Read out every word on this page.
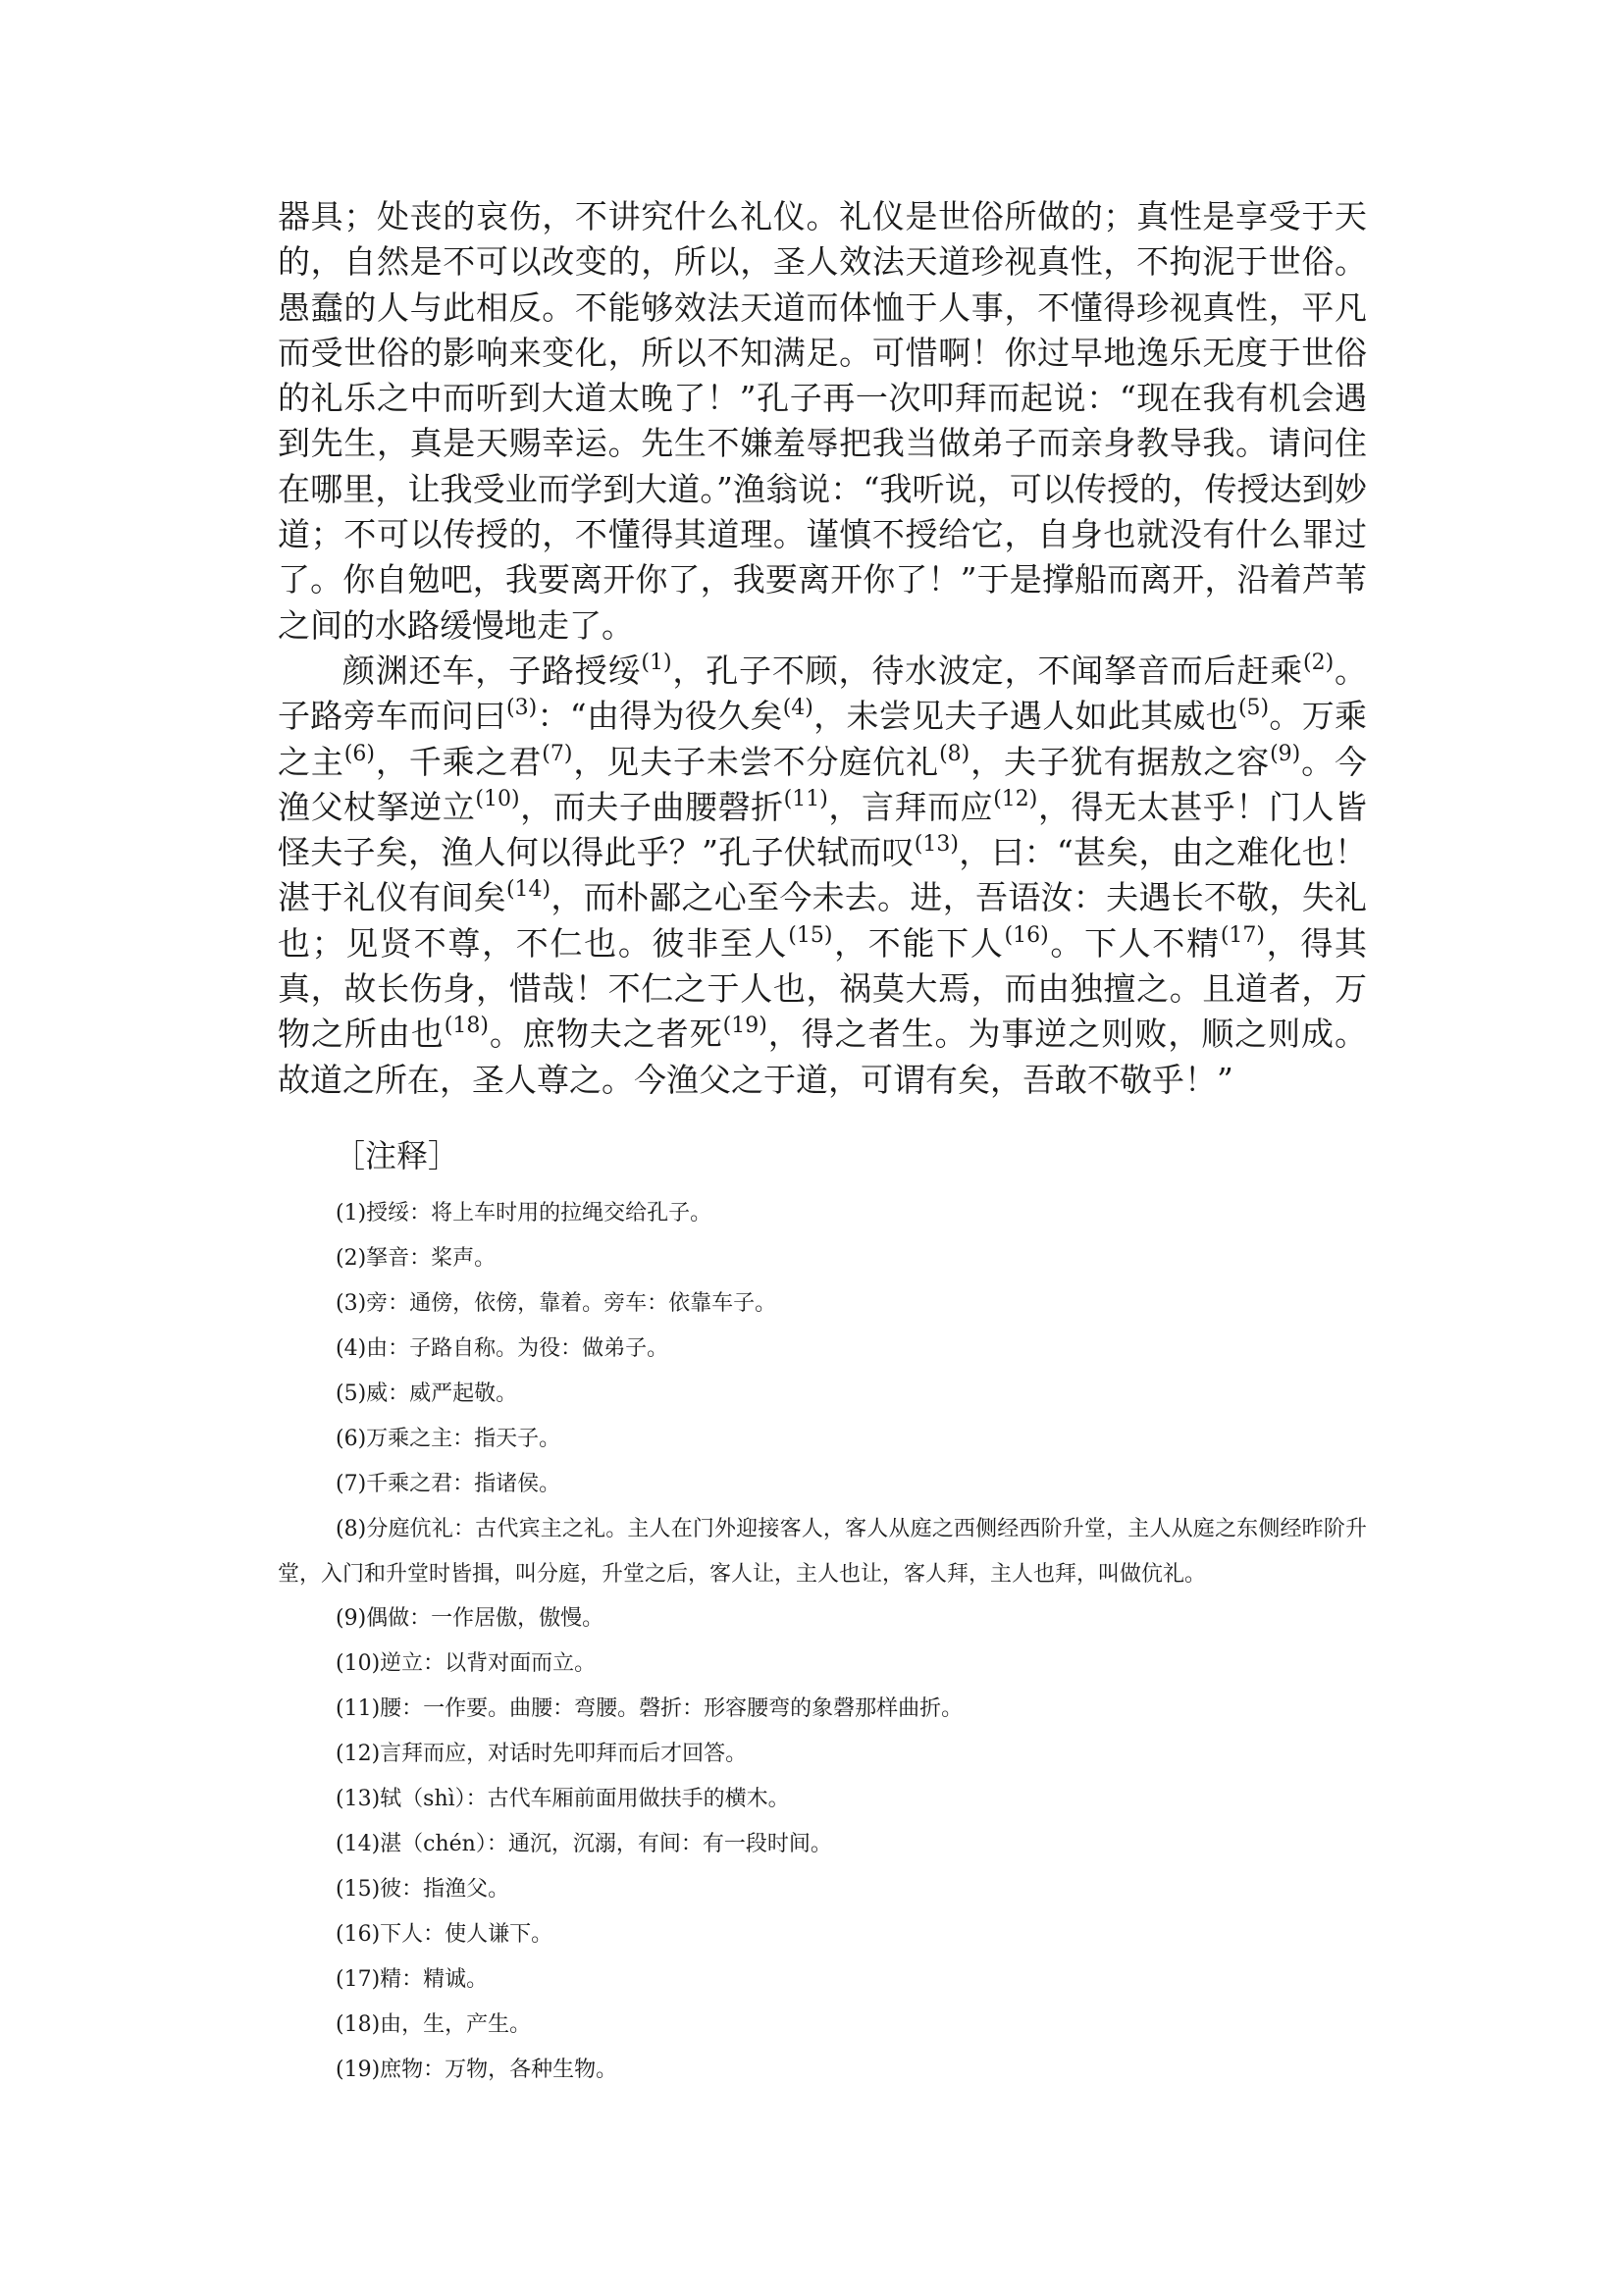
器具；处丧的哀伤，不讲究什么礼仪。礼仪是世俗所做的；真性是享受于天的，自然是不可以改变的，所以，圣人效法天道珍视真性，不拘泥于世俗。愚蠢的人与此相反。不能够效法天道而体恤于人事，不懂得珍视真性，平凡而受世俗的影响来变化，所以不知满足。可惜啊！你过早地逸乐无度于世俗的礼乐之中而听到大道太晚了！”孔子再一次叩拜而起说：“现在我有机会遇到先生，真是天赐幸运。先生不嫌羞辱把我当做弟子而亲身教导我。请问住在哪里，让我受业而学到大道。”渔翁说：“我听说，可以传授的，传授达到妙道；不可以传授的，不懂得其道理。谨慎不授给它，自身也就没有什么罪过了。你自勉吧，我要离开你了，我要离开你了！”于是撑船而离开，沿着芦苇之间的水路缓慢地走了。

颜渊还车，子路授绥$^{(1)}$，孔子不顾，待水波定，不闻拏音而后赶乘$^{(2)}$。子路旁车而问曰$^{(3)}$：“由得为役久矣$^{(4)}$，未尝见夫子遇人如此其威也$^{(5)}$。万乘之主$^{(6)}$，千乘之君$^{(7)}$，见夫子未尝不分庭伉礼$^{(8)}$，夫子犹有据敖之容$^{(9)}$。今渔父杖拏逆立$^{(10)}$，而夫子曲腰磬折$^{(11)}$，言拜而应$^{(12)}$，得无太甚乎！门人皆怪夫子矣，渔人何以得此乎？”孔子伏轼而叹$^{(13)}$，曰：“甚矣，由之难化也！湛于礼仪有间矣$^{(14)}$，而朴鄙之心至今未去。进，吾语汝：夫遇长不敬，失礼也；见贤不尊，不仁也。彼非至人$^{(15)}$，不能下人$^{(16)}$。下人不精$^{(17)}$，得其真，故长伤身，惜哉！不仁之于人也，祸莫大焉，而由独擅之。且道者，万物之所由也$^{(18)}$。庶物夫之者死$^{(19)}$，得之者生。为事逆之则败，顺之则成。故道之所在，圣人尊之。今渔父之于道，可谓有矣，吾敢不敬乎！”

［注释］

(1)授绥：将上车时用的拉绳交给孔子。

(2)拏音：桨声。

(3)旁：通傍，依傍，靠着。旁车：依靠车子。

(4)由：子路自称。为役：做弟子。

(5)威：威严起敬。

(6)万乘之主：指天子。

(7)千乘之君：指诸侯。

(8)分庭伉礼：古代宾主之礼。主人在门外迎接客人，客人从庭之西侧经西阶升堂，主人从庭之东侧经昨阶升堂，入门和升堂时皆揖，叫分庭，升堂之后，客人让，主人也让，客人拜，主人也拜，叫做伉礼。

(9)偶做：一作居傲，傲慢。

(10)逆立：以背对面而立。

(11)腰：一作要。曲腰：弯腰。磬折：形容腰弯的象磬那样曲折。

(12)言拜而应，对话时先叩拜而后才回答。

(13)轼（shì）：古代车厢前面用做扶手的横木。

(14)湛（chén）：通沉，沉溺，有间：有一段时间。

(15)彼：指渔父。

(16)下人：使人谦下。

(17)精：精诚。

(18)由，生，产生。

(19)庶物：万物，各种生物。
